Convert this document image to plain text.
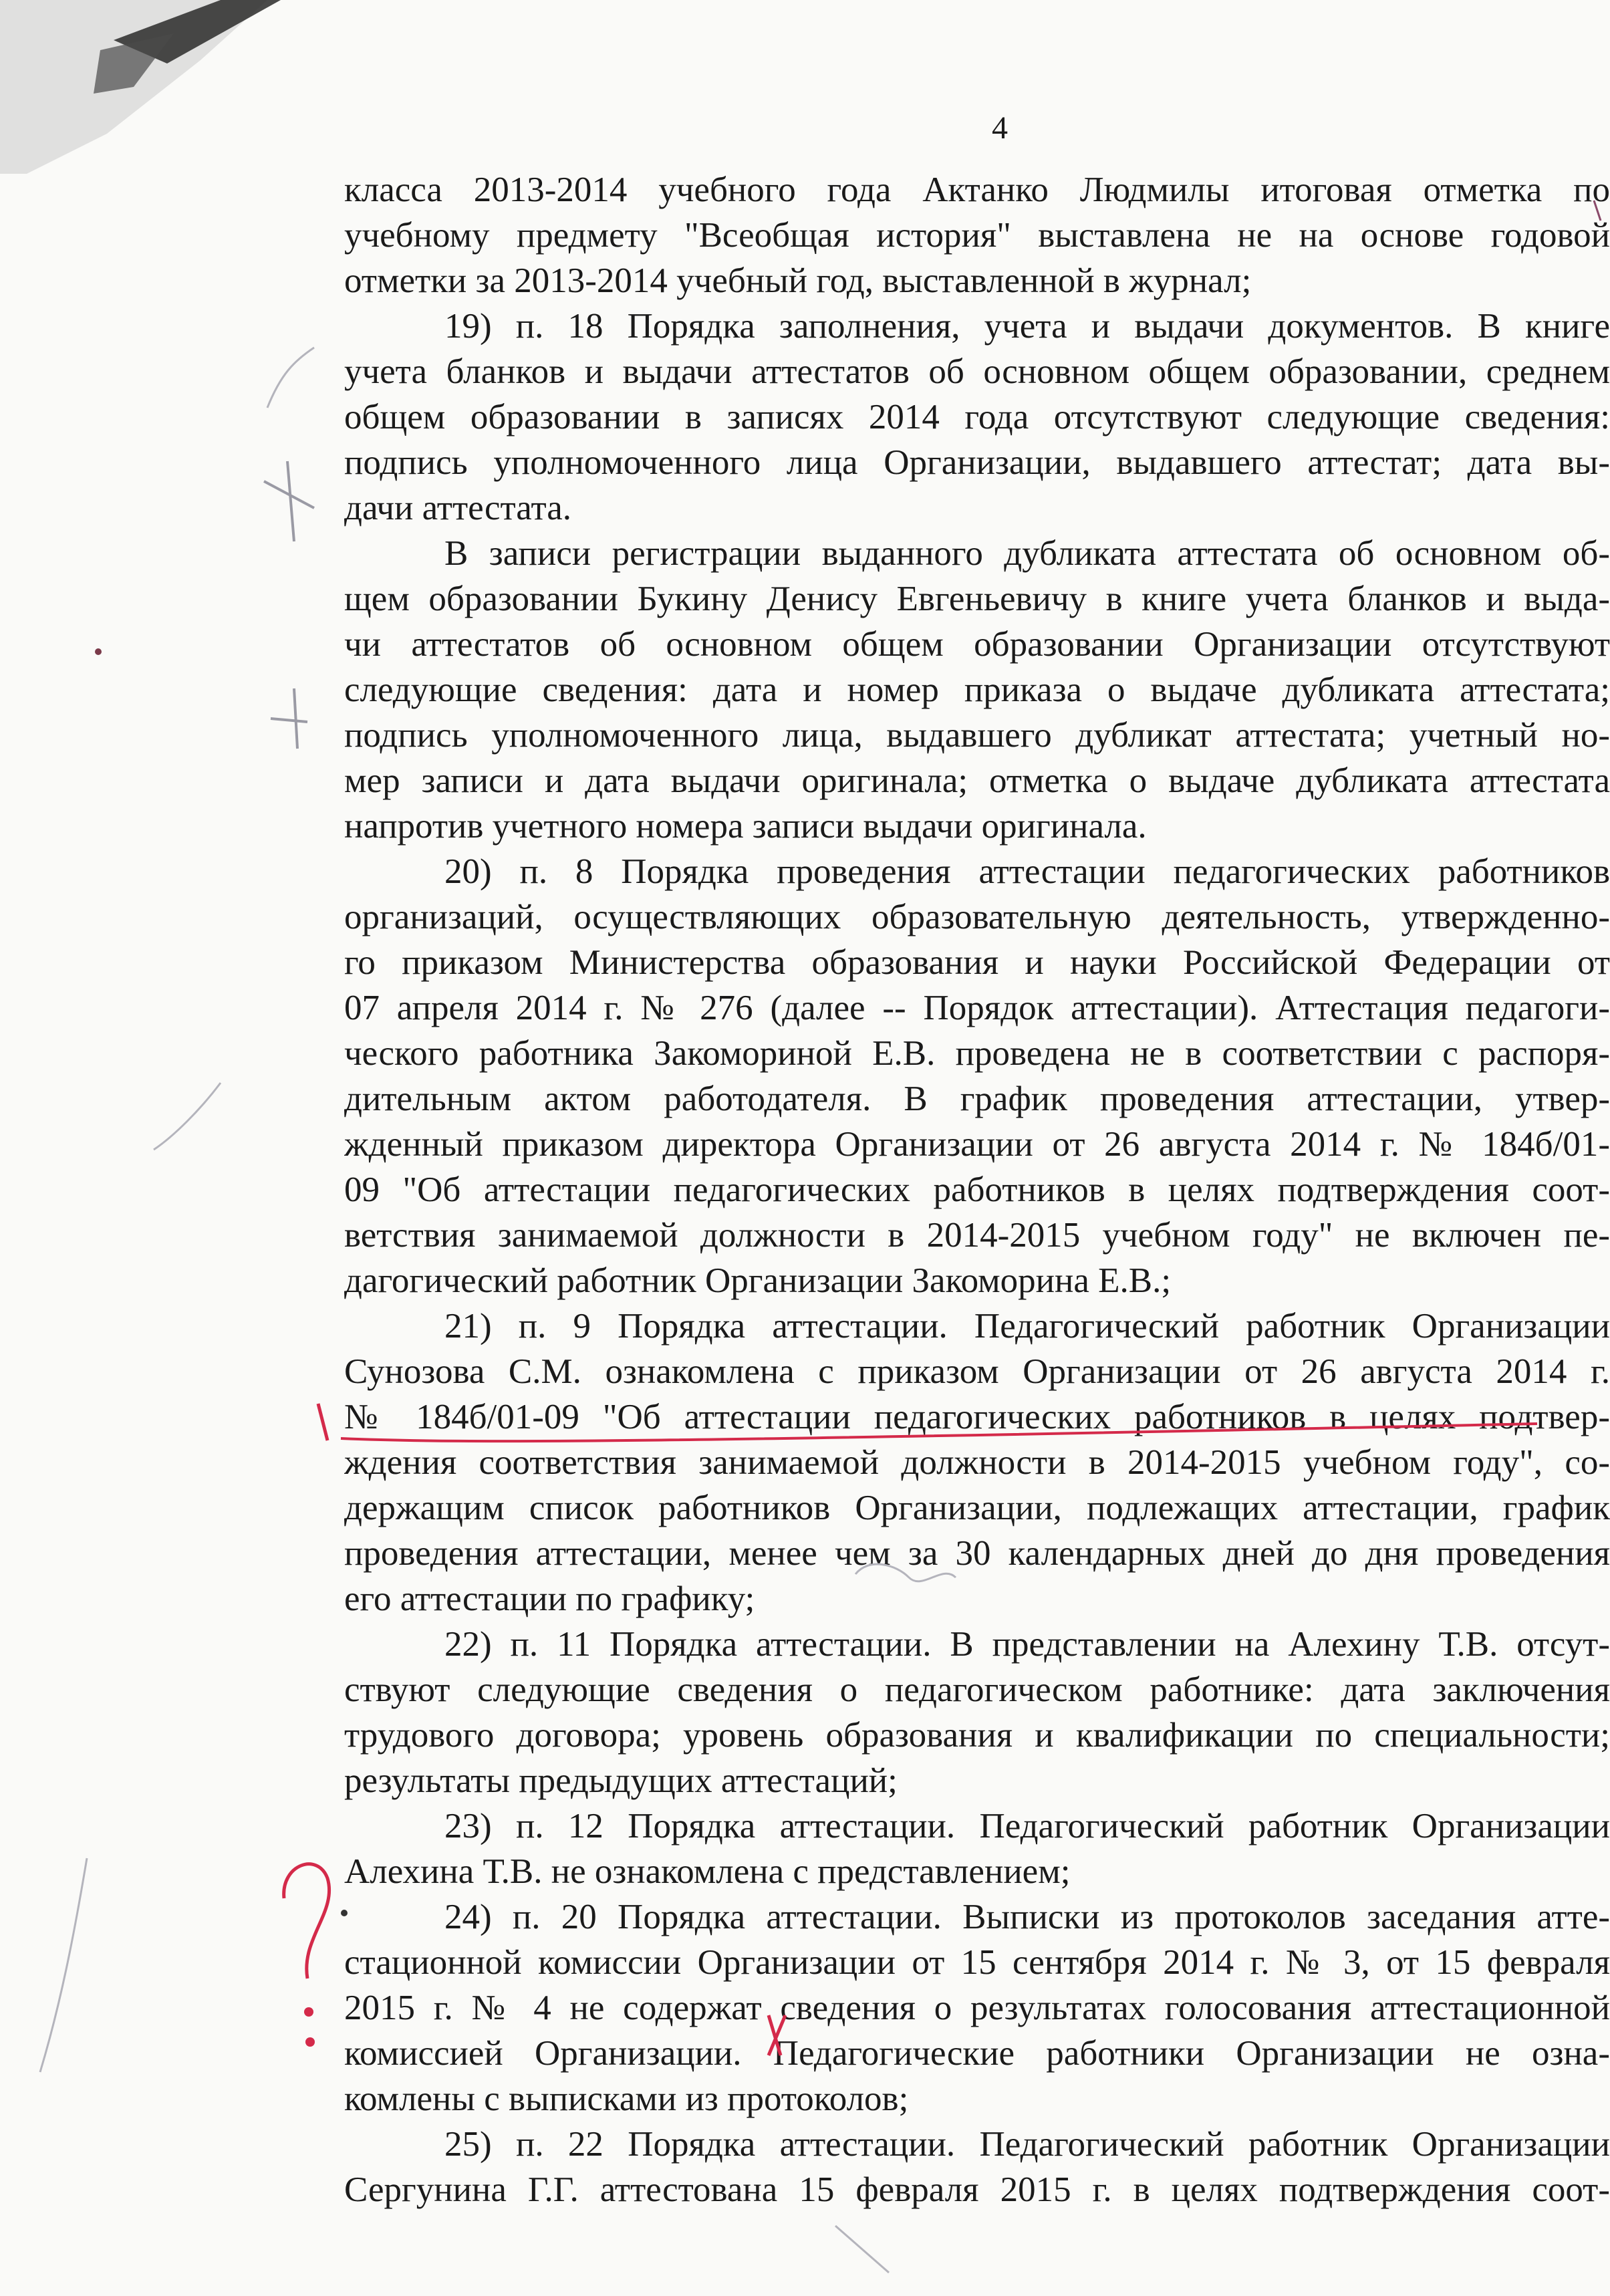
4
класса 2013-2014 учебного года Актанко Людмилы итоговая отметка по
учебному предмету "Всеобщая история" выставлена не на основе годовой
отметки за 2013-2014 учебный год, выставленной в журнал;
19) п. 18 Порядка заполнения, учета и выдачи документов. В книге
учета бланков и выдачи аттестатов об основном общем образовании, среднем
общем образовании в записях 2014 года отсутствуют следующие сведения:
подпись уполномоченного лица Организации, выдавшего аттестат; дата вы-
дачи аттестата.
В записи регистрации выданного дубликата аттестата об основном об-
щем образовании Букину Денису Евгеньевичу в книге учета бланков и выда-
чи аттестатов об основном общем образовании Организации отсутствуют
следующие сведения: дата и номер приказа о выдаче дубликата аттестата;
подпись уполномоченного лица, выдавшего дубликат аттестата; учетный но-
мер записи и дата выдачи оригинала; отметка о выдаче дубликата аттестата
напротив учетного номера записи выдачи оригинала.
20) п. 8 Порядка проведения аттестации педагогических работников
организаций, осуществляющих образовательную деятельность, утвержденно-
го приказом Министерства образования и науки Российской Федерации от
07 апреля 2014 г. № 276 (далее -- Порядок аттестации). Аттестация педагоги-
ческого работника Закомориной Е.В. проведена не в соответствии с распоря-
дительным актом работодателя. В график проведения аттестации, утвер-
жденный приказом директора Организации от 26 августа 2014 г. № 184б/01-
09 "Об аттестации педагогических работников в целях подтверждения соот-
ветствия занимаемой должности в 2014-2015 учебном году" не включен пе-
дагогический работник Организации Закоморина Е.В.;
21) п. 9 Порядка аттестации. Педагогический работник Организации
Сунозова С.М. ознакомлена с приказом Организации от 26 августа 2014 г.
№ 184б/01-09 "Об аттестации педагогических работников в целях подтвер-
ждения соответствия занимаемой должности в 2014-2015 учебном году", со-
держащим список работников Организации, подлежащих аттестации, график
проведения аттестации, менее чем за 30 календарных дней до дня проведения
его аттестации по графику;
22) п. 11 Порядка аттестации. В представлении на Алехину Т.В. отсут-
ствуют следующие сведения о педагогическом работнике: дата заключения
трудового договора; уровень образования и квалификации по специальности;
результаты предыдущих аттестаций;
23) п. 12 Порядка аттестации. Педагогический работник Организации
Алехина Т.В. не ознакомлена с представлением;
24) п. 20 Порядка аттестации. Выписки из протоколов заседания атте-
стационной комиссии Организации от 15 сентября 2014 г. № 3, от 15 февраля
2015 г. № 4 не содержат сведения о результатах голосования аттестационной
комиссией Организации. Педагогические работники Организации не озна-
комлены с выписками из протоколов;
25) п. 22 Порядка аттестации. Педагогический работник Организации
Сергунина Г.Г. аттестована 15 февраля 2015 г. в целях подтверждения соот-
